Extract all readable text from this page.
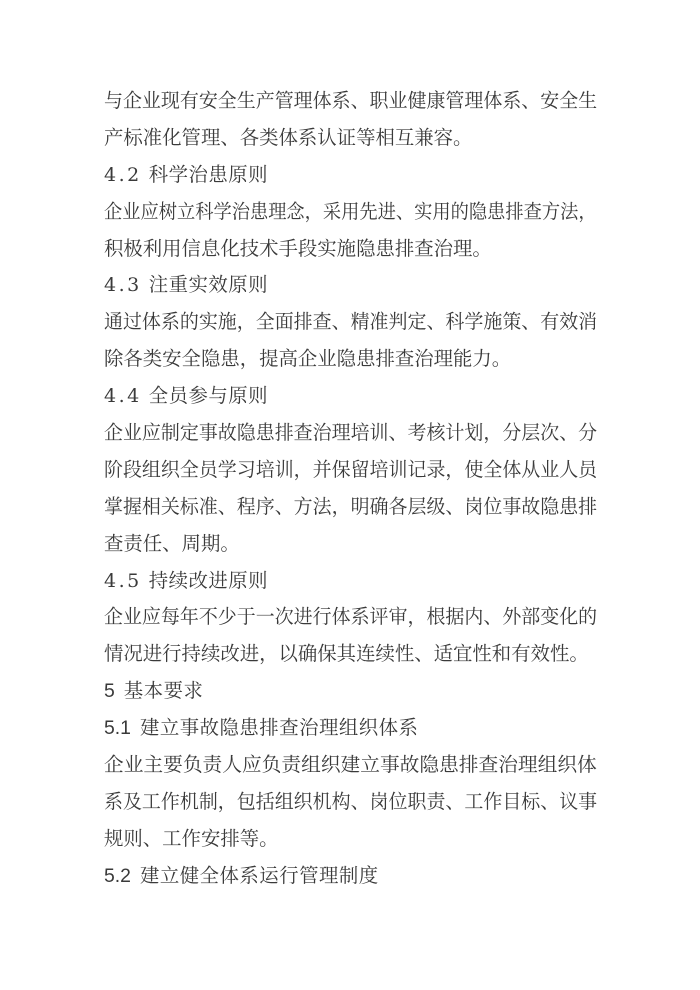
与企业现有安全生产管理体系、职业健康管理体系、安全生
产标准化管理、各类体系认证等相互兼容。
4.2 科学治患原则
企业应树立科学治患理念，采用先进、实用的隐患排查方法，
积极利用信息化技术手段实施隐患排查治理。
4.3 注重实效原则
通过体系的实施，全面排查、精准判定、科学施策、有效消
除各类安全隐患，提高企业隐患排查治理能力。
4.4 全员参与原则
企业应制定事故隐患排查治理培训、考核计划，分层次、分
阶段组织全员学习培训，并保留培训记录，使全体从业人员
掌握相关标准、程序、方法，明确各层级、岗位事故隐患排
查责任、周期。
4.5 持续改进原则
企业应每年不少于一次进行体系评审，根据内、外部变化的
情况进行持续改进，以确保其连续性、适宜性和有效性。
5 基本要求
5.1 建立事故隐患排查治理组织体系
企业主要负责人应负责组织建立事故隐患排查治理组织体
系及工作机制，包括组织机构、岗位职责、工作目标、议事
规则、工作安排等。
5.2 建立健全体系运行管理制度
